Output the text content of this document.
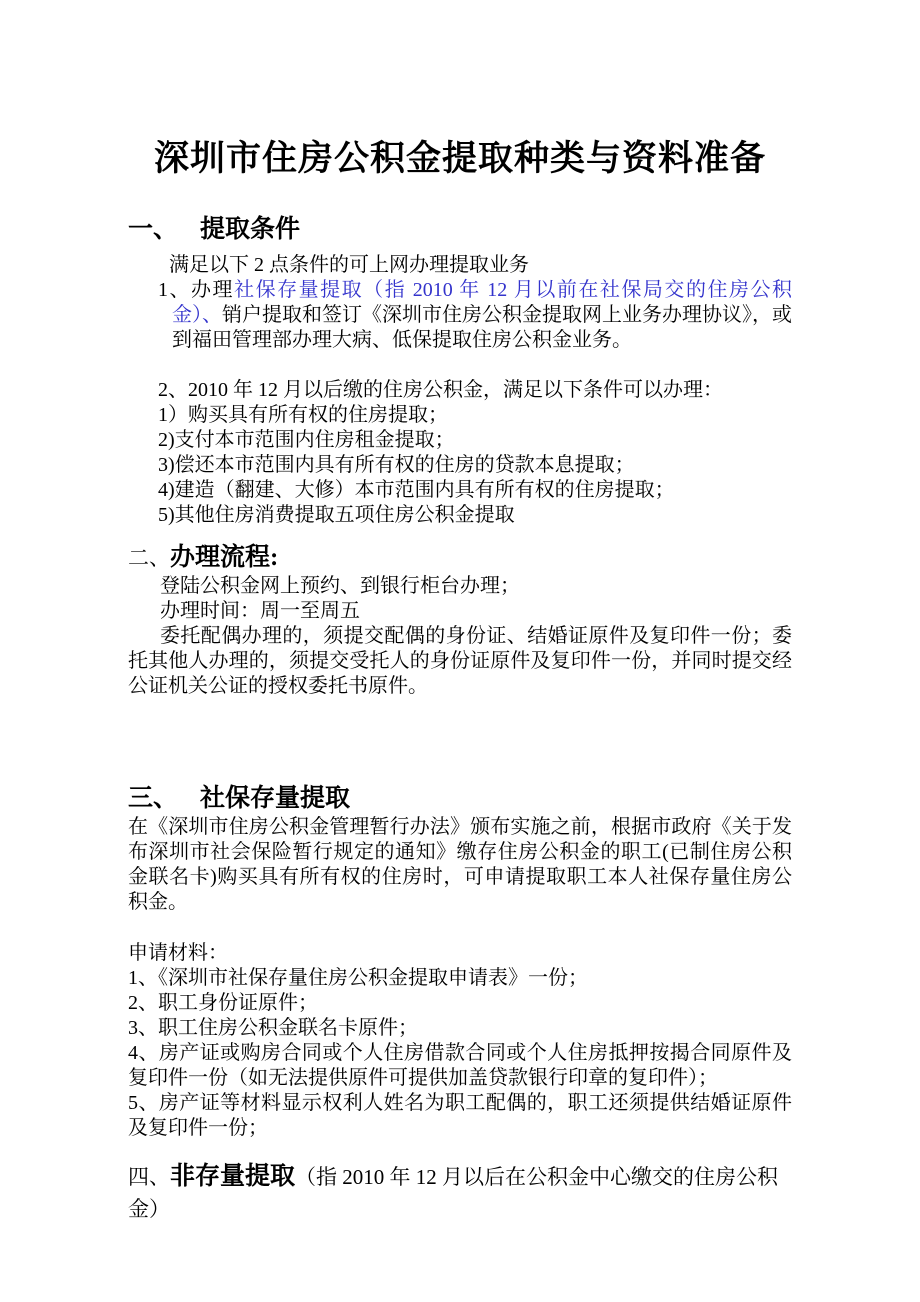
深圳市住房公积金提取种类与资料准备
一、 提取条件

满足以下 2 点条件的可上网办理提取业务

1、办理社保存量提取（指 2010 年 12 月以前在社保局交的住房公积金）、销户提取和签订《深圳市住房公积金提取网上业务办理协议》，或到福田管理部办理大病、低保提取住房公积金业务。

2、2010 年 12 月以后缴的住房公积金，满足以下条件可以办理：

1）购买具有所有权的住房提取；

2)支付本市范围内住房租金提取；

3)偿还本市范围内具有所有权的住房的贷款本息提取；

4)建造（翻建、大修）本市范围内具有所有权的住房提取；

5)其他住房消费提取五项住房公积金提取

二、办理流程:

登陆公积金网上预约、到银行柜台办理；

办理时间：周一至周五

委托配偶办理的，须提交配偶的身份证、结婚证原件及复印件一份；委托其他人办理的，须提交受托人的身份证原件及复印件一份，并同时提交经公证机关公证的授权委托书原件。

三、 社保存量提取

在《深圳市住房公积金管理暂行办法》颁布实施之前，根据市政府《关于发布深圳市社会保险暂行规定的通知》缴存住房公积金的职工(已制住房公积金联名卡)购买具有所有权的住房时，可申请提取职工本人社保存量住房公积金。

申请材料：

1、《深圳市社保存量住房公积金提取申请表》一份；

2、职工身份证原件；

3、职工住房公积金联名卡原件；

4、房产证或购房合同或个人住房借款合同或个人住房抵押按揭合同原件及复印件一份（如无法提供原件可提供加盖贷款银行印章的复印件）；

5、房产证等材料显示权利人姓名为职工配偶的，职工还须提供结婚证原件及复印件一份；

四、非存量提取（指 2010 年 12 月以后在公积金中心缴交的住房公积金）
